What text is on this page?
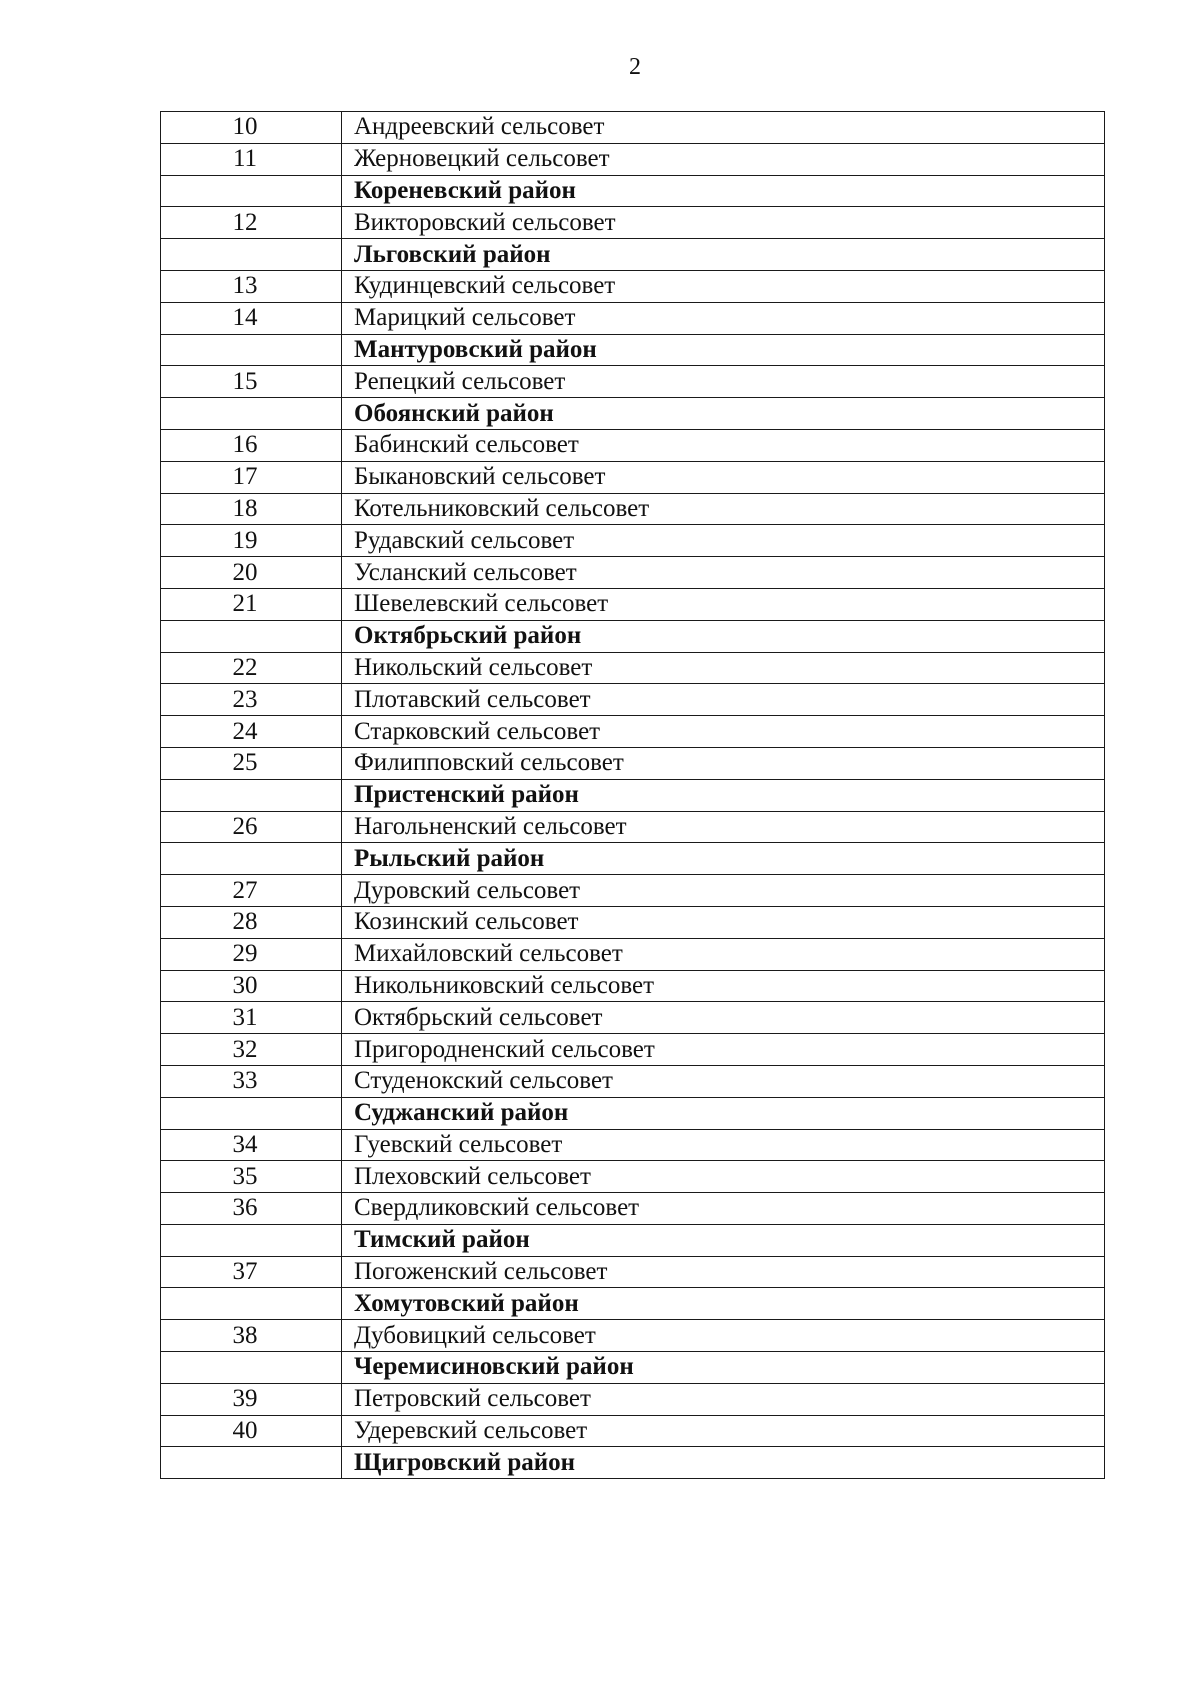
2
10	Андреевский сельсовет
11	Жерновецкий сельсовет
	Кореневский район
12	Викторовский сельсовет
	Льговский район
13	Кудинцевский сельсовет
14	Марицкий сельсовет
	Мантуровский район
15	Репецкий сельсовет
	Обоянский район
16	Бабинский сельсовет
17	Быкановский сельсовет
18	Котельниковский сельсовет
19	Рудавский сельсовет
20	Усланский сельсовет
21	Шевелевский сельсовет
	Октябрьский район
22	Никольский сельсовет
23	Плотавский сельсовет
24	Старковский сельсовет
25	Филипповский сельсовет
	Пристенский район
26	Нагольненский сельсовет
	Рыльский район
27	Дуровский сельсовет
28	Козинский сельсовет
29	Михайловский сельсовет
30	Никольниковский сельсовет
31	Октябрьский сельсовет
32	Пригородненский сельсовет
33	Студенокский сельсовет
	Суджанский район
34	Гуевский сельсовет
35	Плеховский сельсовет
36	Свердликовский сельсовет
	Тимский район
37	Погоженский сельсовет
	Хомутовский район
38	Дубовицкий сельсовет
	Черемисиновский район
39	Петровский сельсовет
40	Удеревский сельсовет
	Щигровский район
